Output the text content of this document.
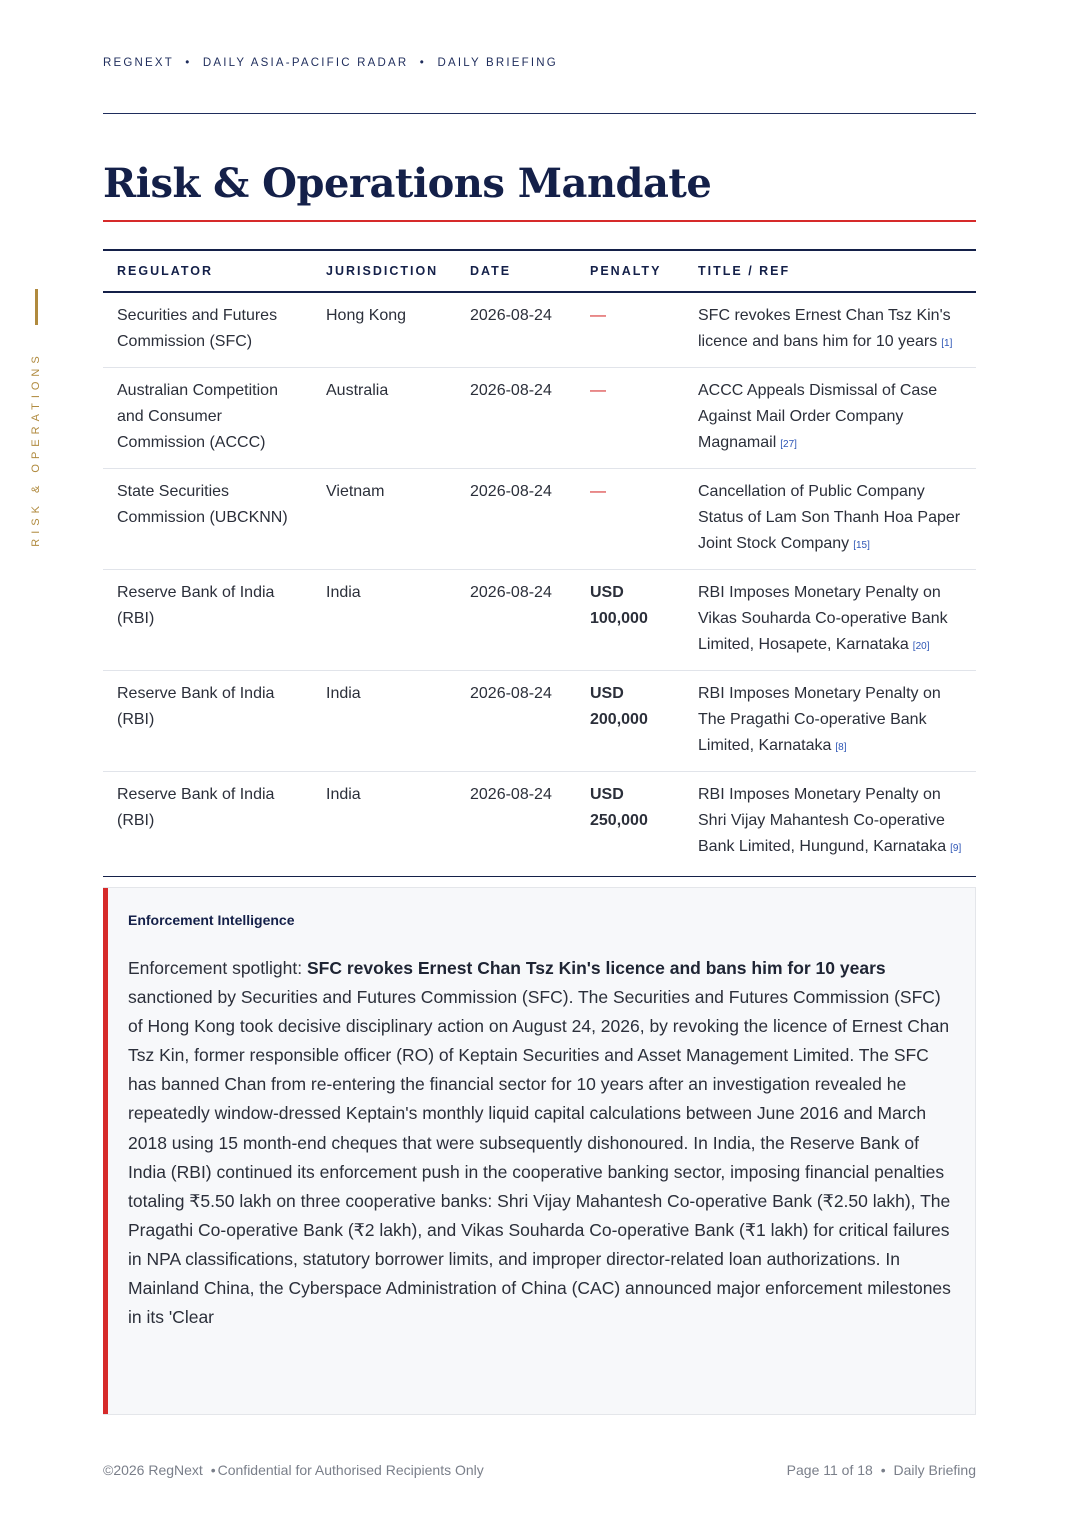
REGNEXT • DAILY ASIA-PACIFIC RADAR • DAILY BRIEFING
RISK & OPERATIONS
Risk & Operations Mandate
REGULATOR	JURISDICTION	DATE	PENALTY	TITLE / REF
Securities and Futures Commission (SFC)	Hong Kong	2026-08-24	—	SFC revokes Ernest Chan Tsz Kin's licence and bans him for 10 years [1]
Australian Competition and Consumer Commission (ACCC)	Australia	2026-08-24	—	ACCC Appeals Dismissal of Case Against Mail Order Company Magnamail [27]
State Securities Commission (UBCKNN)	Vietnam	2026-08-24	—	Cancellation of Public Company Status of Lam Son Thanh Hoa Paper Joint Stock Company [15]
Reserve Bank of India (RBI)	India	2026-08-24	USD 100,000	RBI Imposes Monetary Penalty on Vikas Souharda Co-operative Bank Limited, Hosapete, Karnataka [20]
Reserve Bank of India (RBI)	India	2026-08-24	USD 200,000	RBI Imposes Monetary Penalty on The Pragathi Co-operative Bank Limited, Karnataka [8]
Reserve Bank of India (RBI)	India	2026-08-24	USD 250,000	RBI Imposes Monetary Penalty on Shri Vijay Mahantesh Co-operative Bank Limited, Hungund, Karnataka [9]
Enforcement Intelligence

Enforcement spotlight: SFC revokes Ernest Chan Tsz Kin's licence and bans him for 10 years sanctioned by Securities and Futures Commission (SFC). The Securities and Futures Commission (SFC) of Hong Kong took decisive disciplinary action on August 24, 2026, by revoking the licence of Ernest Chan Tsz Kin, former responsible officer (RO) of Keptain Securities and Asset Management Limited. The SFC has banned Chan from re-entering the financial sector for 10 years after an investigation revealed he repeatedly window-dressed Keptain's monthly liquid capital calculations between June 2016 and March 2018 using 15 month-end cheques that were subsequently dishonoured. In India, the Reserve Bank of India (RBI) continued its enforcement push in the cooperative banking sector, imposing financial penalties totaling ₹5.50 lakh on three cooperative banks: Shri Vijay Mahantesh Co-operative Bank (₹2.50 lakh), The Pragathi Co-operative Bank (₹2 lakh), and Vikas Souharda Co-operative Bank (₹1 lakh) for critical failures in NPA classifications, statutory borrower limits, and improper director-related loan authorizations. In Mainland China, the Cyberspace Administration of China (CAC) announced major enforcement milestones in its 'Clear

©2026 RegNext • Confidential for Authorised Recipients Only	Page 11 of 18 • Daily Briefing
